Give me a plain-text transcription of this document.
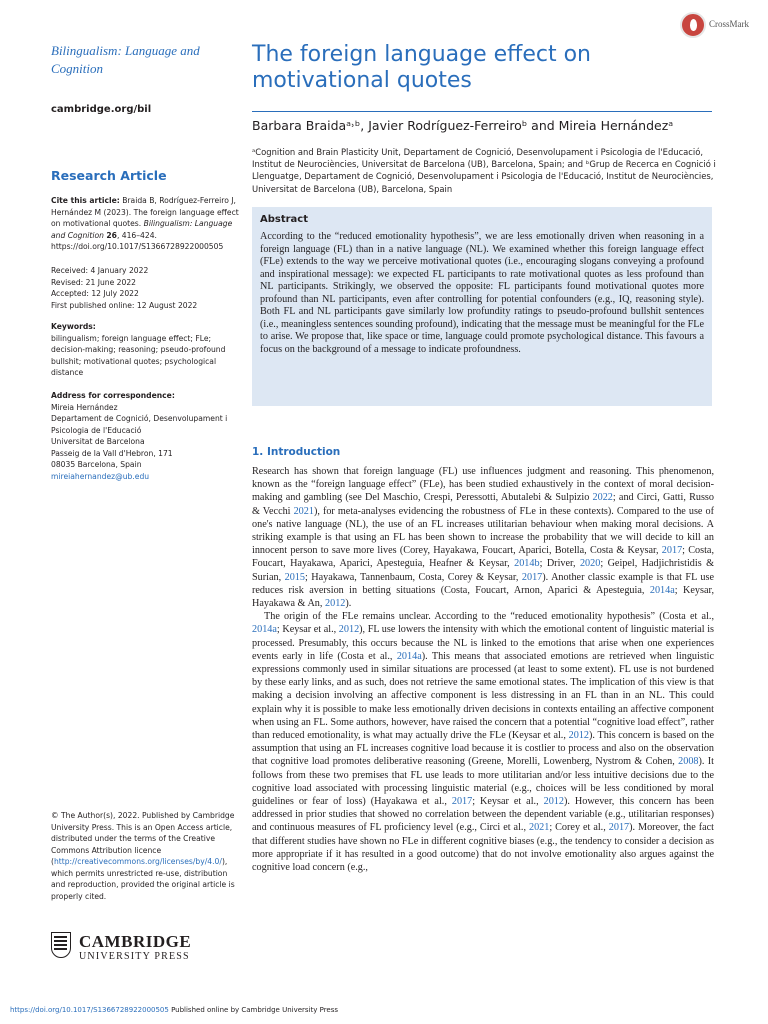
Bilingualism: Language and Cognition
cambridge.org/bil
CrossMark
Research Article
Cite this article: Braida B, Rodríguez-Ferreiro J, Hernández M (2023). The foreign language effect on motivational quotes. Bilingualism: Language and Cognition 26, 416–424. https://doi.org/10.1017/S1366728922000505
Received: 4 January 2022
Revised: 21 June 2022
Accepted: 12 July 2022
First published online: 12 August 2022
Keywords:
bilingualism; foreign language effect; FLe; decision-making; reasoning; pseudo-profound bullshit; motivational quotes; psychological distance
Address for correspondence:
Mireia Hernández
Departament de Cognició, Desenvolupament i Psicologia de l'Educació
Universitat de Barcelona
Passeig de la Vall d'Hebron, 171
08035 Barcelona, Spain
mireiahernandez@ub.edu
© The Author(s), 2022. Published by Cambridge University Press. This is an Open Access article, distributed under the terms of the Creative Commons Attribution licence (http://creativecommons.org/licenses/by/4.0/), which permits unrestricted re-use, distribution and reproduction, provided the original article is properly cited.
CAMBRIDGE
UNIVERSITY PRESS
The foreign language effect on motivational quotes
Barbara Braidaᵃ˒ᵇ, Javier Rodríguez-Ferreiroᵇ and Mireia Hernándezᵃ
ᵃCognition and Brain Plasticity Unit, Departament de Cognició, Desenvolupament i Psicologia de l'Educació, Institut de Neurociències, Universitat de Barcelona (UB), Barcelona, Spain; and ᵇGrup de Recerca en Cognició i Llenguatge, Departament de Cognició, Desenvolupament i Psicologia de l'Educació, Institut de Neurociències, Universitat de Barcelona (UB), Barcelona, Spain
Abstract
According to the “reduced emotionality hypothesis”, we are less emotionally driven when reasoning in a foreign language (FL) than in a native language (NL). We examined whether this foreign language effect (FLe) extends to the way we perceive motivational quotes (i.e., encouraging slogans conveying a profound and inspirational message): we expected FL participants to rate motivational quotes as less profound than NL participants. Strikingly, we observed the opposite: FL participants found motivational quotes more profound than NL participants, even after controlling for potential confounders (e.g., IQ, reasoning style). Both FL and NL participants gave similarly low profundity ratings to pseudo-profound bullshit sentences (i.e., meaningless sentences sounding profound), indicating that the message must be meaningful for the FLe to arise. We propose that, like space or time, language could promote psychological distance. This favours a focus on the background of a message to indicate profoundness.
1. Introduction

Research has shown that foreign language (FL) use influences judgment and reasoning. This phenomenon, known as the “foreign language effect” (FLe), has been studied exhaustively in the context of moral decision-making and gambling (see Del Maschio, Crespi, Peressotti, Abutalebi & Sulpizio 2022; and Circi, Gatti, Russo & Vecchi 2021), for meta-analyses evidencing the robustness of FLe in these contexts). Compared to the use of one's native language (NL), the use of an FL increases utilitarian behaviour when making moral decisions. A striking example is that using an FL has been shown to increase the probability that we will decide to kill an innocent person to save more lives (Corey, Hayakawa, Foucart, Aparici, Botella, Costa & Keysar, 2017; Costa, Foucart, Hayakawa, Aparici, Apesteguia, Heafner & Keysar, 2014b; Driver, 2020; Geipel, Hadjichristidis & Surian, 2015; Hayakawa, Tannenbaum, Costa, Corey & Keysar, 2017). Another classic example is that FL use reduces risk aversion in betting situations (Costa, Foucart, Arnon, Aparici & Apesteguia, 2014a; Keysar, Hayakawa & An, 2012).

The origin of the FLe remains unclear. According to the “reduced emotionality hypothesis” (Costa et al., 2014a; Keysar et al., 2012), FL use lowers the intensity with which the emotional content of linguistic material is processed. Presumably, this occurs because the NL is linked to the emotions that arise when one experiences events early in life (Costa et al., 2014a). This means that associated emotions are retrieved when linguistic expressions commonly used in similar situations are processed (at least to some extent). FL use is not burdened by these early links, and as such, does not retrieve the same emotional states. The implication of this view is that making a decision involving an affective component is less distressing in an FL than in an NL. This could explain why it is possible to make less emotionally driven decisions in contexts entailing an affective component when using an FL. Some authors, however, have raised the concern that a potential “cognitive load effect”, rather than reduced emotionality, is what may actually drive the FLe (Keysar et al., 2012). This concern is based on the assumption that using an FL increases cognitive load because it is costlier to process and also on the observation that cognitive load promotes deliberative reasoning (Greene, Morelli, Lowenberg, Nystrom & Cohen, 2008). It follows from these two premises that FL use leads to more utilitarian and/or less intuitive decisions due to the cognitive load associated with processing linguistic material (e.g., choices will be less conditioned by moral guidelines or fear of loss) (Hayakawa et al., 2017; Keysar et al., 2012). However, this concern has been addressed in prior studies that showed no correlation between the dependent variable (e.g., utilitarian responses) and continuous measures of FL proficiency level (e.g., Circi et al., 2021; Corey et al., 2017). Moreover, the fact that different studies have shown no FLe in different cognitive biases (e.g., the tendency to consider a decision as more appropriate if it has resulted in a good outcome) that do not involve emotionality also argues against the cognitive load concern (e.g.,

https://doi.org/10.1017/S1366728922000505 Published online by Cambridge University Press
